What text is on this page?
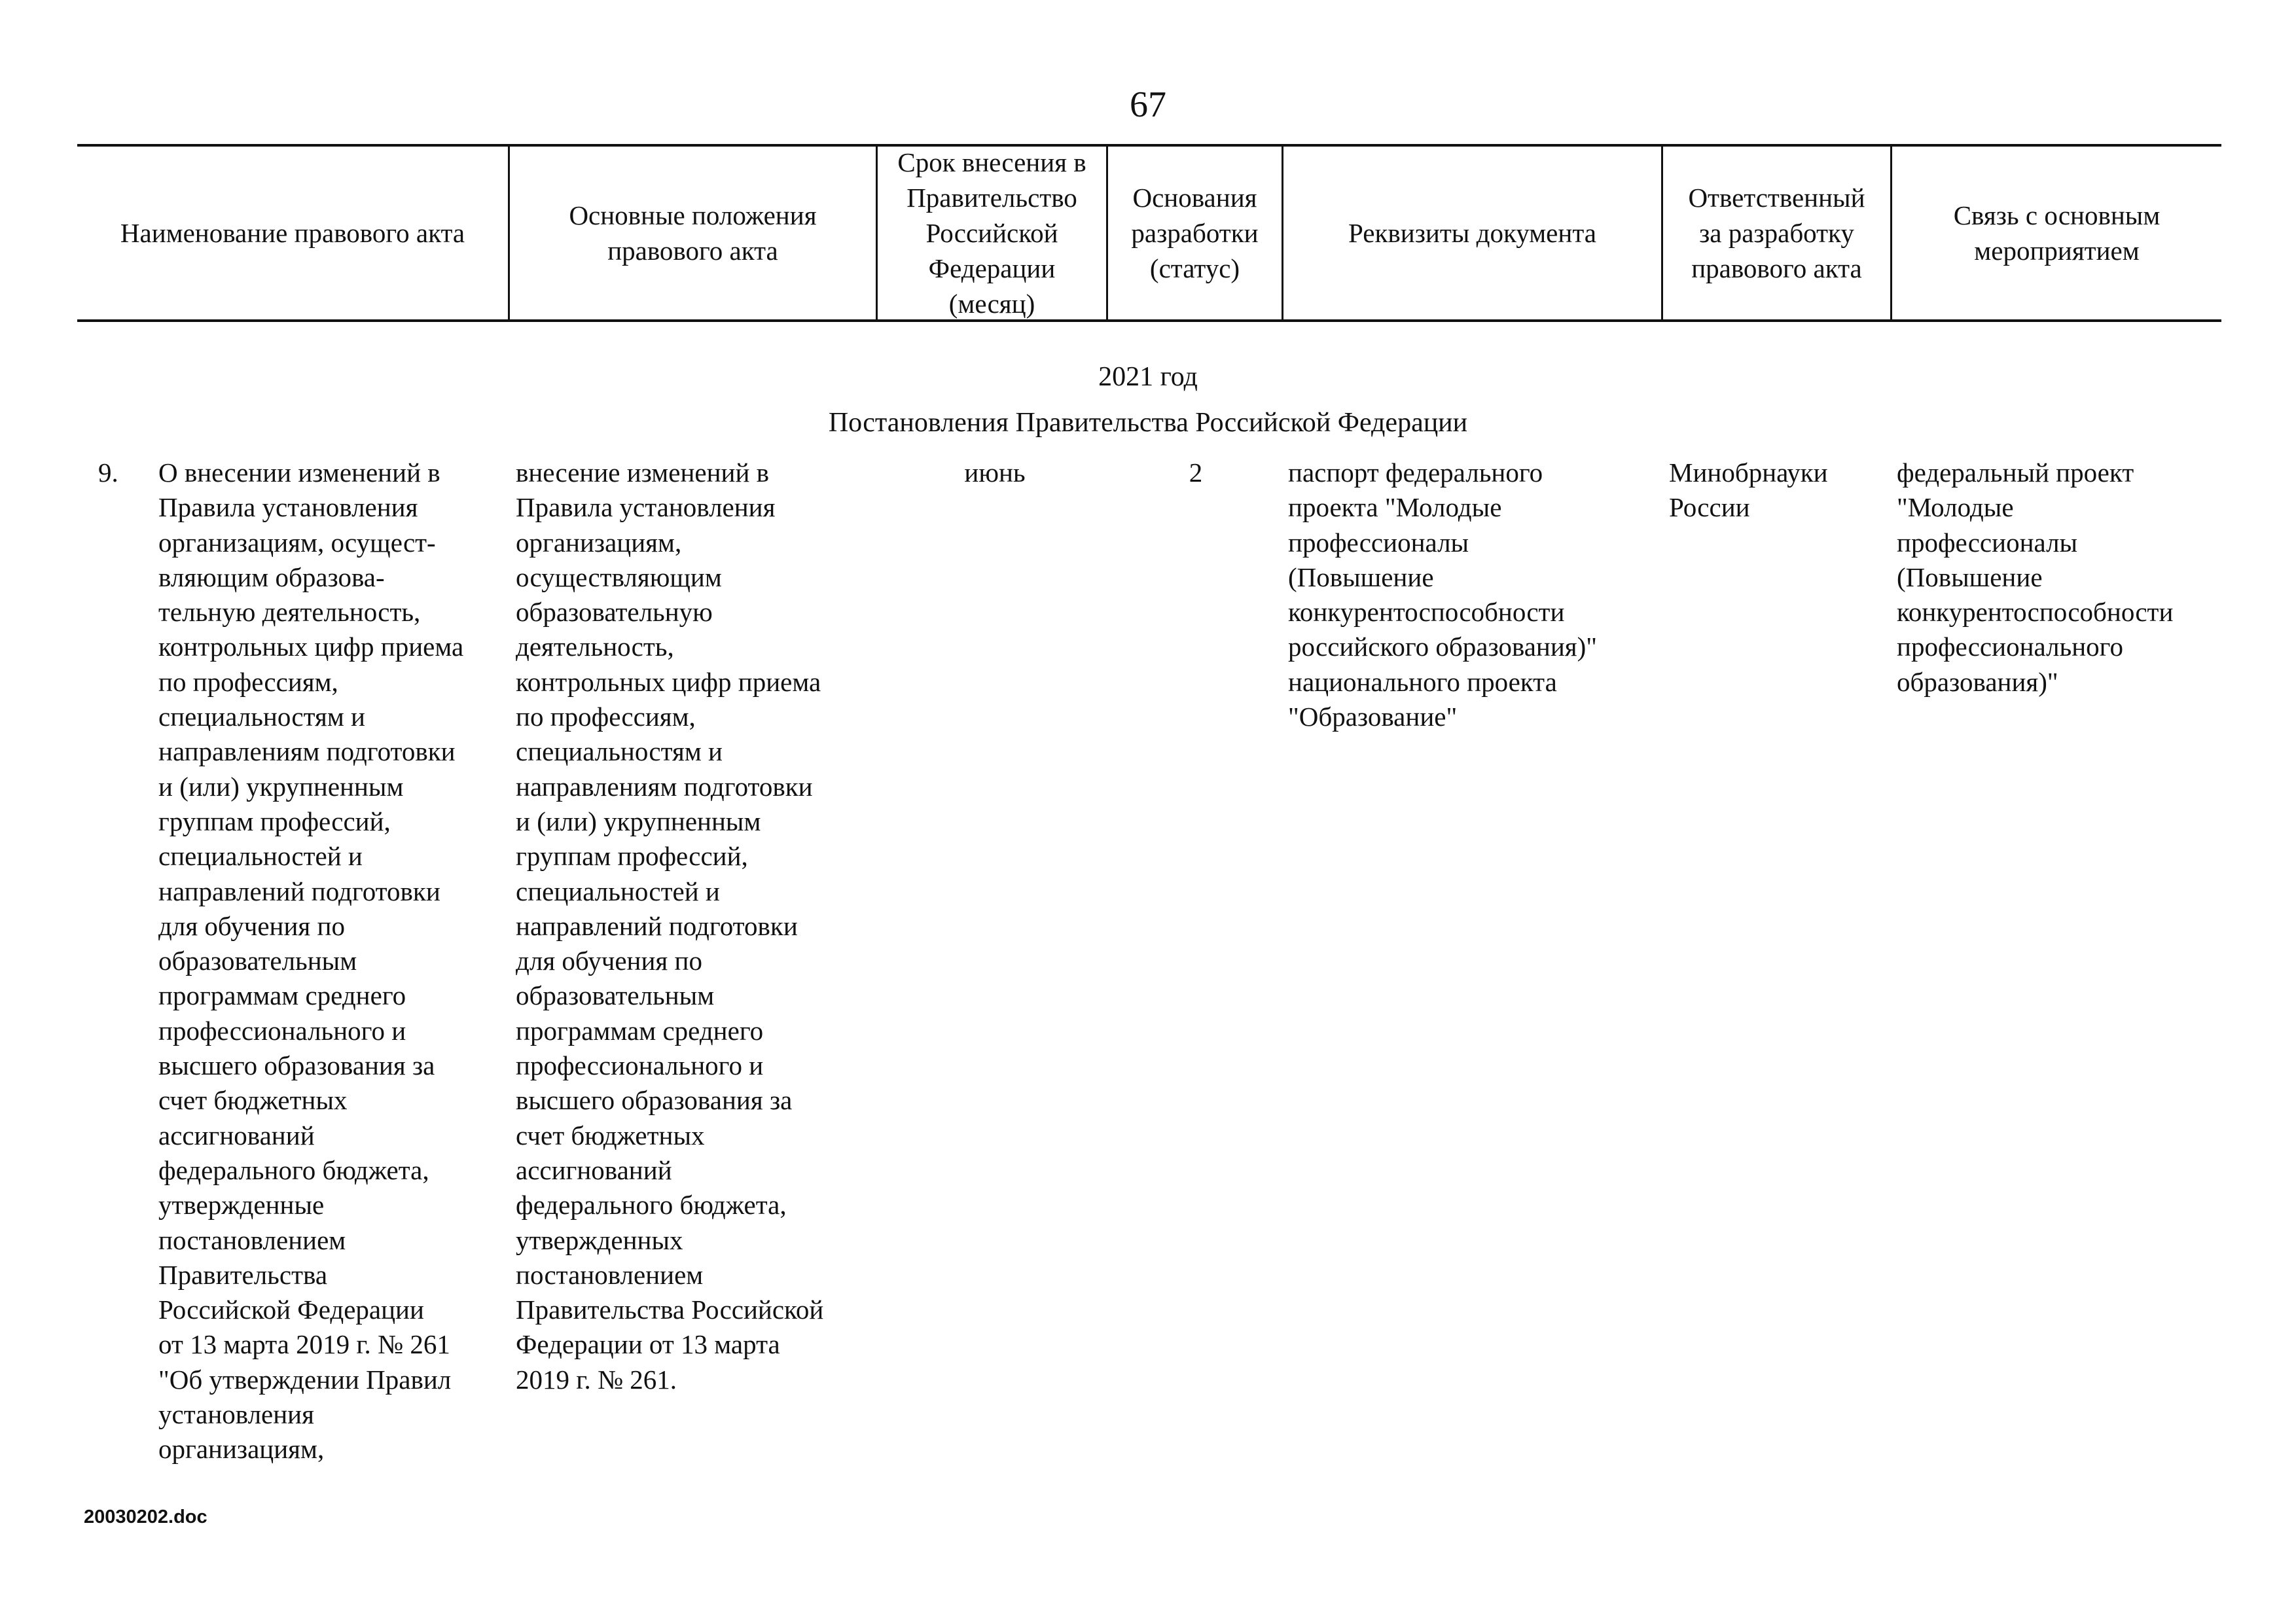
67
Наименование правового акта
Основные положения
правового акта
Срок внесения в
Правительство
Российской
Федерации
(месяц)
Основания
разработки
(статус)
Реквизиты документа
Ответственный
за разработку
правового акта
Связь с основным
мероприятием
2021 год
Постановления Правительства Российской Федерации
9. О внесении изменений в
Правила установления
организациям, осущест-
вляющим образова-
тельную деятельность,
контрольных цифр приема
по профессиям,
специальностям и
направлениям подготовки
и (или) укрупненным
группам профессий,
специальностей и
направлений подготовки
для обучения по
образовательным
программам среднего
профессионального и
высшего образования за
счет бюджетных
ассигнований
федерального бюджета,
утвержденные
постановлением
Правительства
Российской Федерации
от 13 марта 2019 г. № 261
"Об утверждении Правил
установления
организациям,
внесение изменений в
Правила установления
организациям,
осуществляющим
образовательную
деятельность,
контрольных цифр приема
по профессиям,
специальностям и
направлениям подготовки
и (или) укрупненным
группам профессий,
специальностей и
направлений подготовки
для обучения по
образовательным
программам среднего
профессионального и
высшего образования за
счет бюджетных
ассигнований
федерального бюджета,
утвержденных
постановлением
Правительства Российской
Федерации от 13 марта
2019 г. № 261.
июнь	2	паспорт федерального
проекта "Молодые
профессионалы
(Повышение
конкурентоспособности
российского образования)"
национального проекта
"Образование"
Минобрнауки
России
федеральный проект
"Молодые
профессионалы
(Повышение
конкурентоспособности
профессионального
образования)"
20030202.doc
